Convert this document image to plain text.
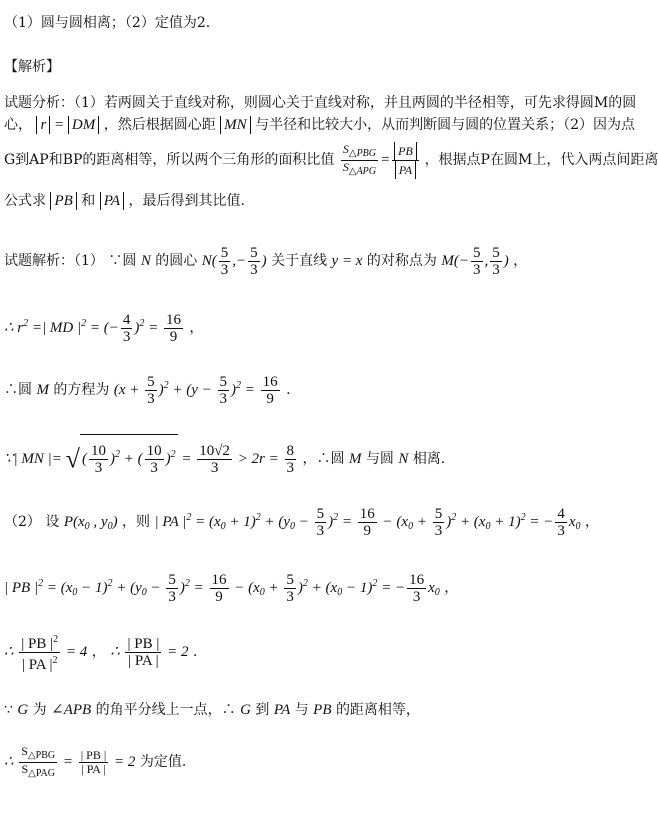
（1）圆与圆相离；（2）定值为2.
【解析】
试题分析：（1）若两圆关于直线对称，则圆心关于直线对称，并且两圆的半径相等，可先求得圆M的圆
心， r = DM ，然后根据圆心距 MN 与半径和比较大小，从而判断圆与圆的位置关系；（2）因为点
G到AP和BP的距离相等，所以两个三角形的面积比值 $\frac{S_{\triangle PBG}}{S_{\triangle APG}} = \frac{PB}{PA}$ ，根据点P在圆M上，代入两点间距离
公式求 PB 和 PA ，最后得到其比值.
试题解析：（1） ∵圆 N 的圆心 $N( \frac{5}{3}$ ,− $\frac{5}{3}$ ) 关于直线 y = x 的对称点为 $M(- \frac{5}{3}$ , $\frac{5}{3}$ ) ，
∴ $r^2$ =| MD $|^2$ = (− $\frac{4}{3} )^2 = \frac{16}{9}$ ，
∴圆 M 的方程为 $(x + \frac{5}{3} )^2 + (y - \frac{5}{3} )^2 = \frac{16}{9}$ .
∵| MN |= √ ( $\frac{10}{3} )^2$ + ( $\frac{10}{3} )^2 = \frac{10√2}{3} > 2r = \frac{8}{3}$ ，∴圆 M 与圆 N 相离.
（2） 设 $P(x_0$ , $y_0$) ，则 | PA $|^2 = (x_0 + 1)^2 + (y_0 - \frac{5}{3} )^2 = \frac{16}{9} - (x_0 + \frac{5}{3} )^2 + (x_0 + 1)^2$ = − $\frac{4}{3} x_0$ ，
| PB $|^2 = (x_0 - 1)^2 + (y_0 - \frac{5}{3} )^2 = \frac{16}{9} - (x_0 + \frac{5}{3} )^2 + (x_0 - 1)^2$ = − $\frac{16}{3} x_0$ ，
∴ $\frac{| PB |^2}{| PA |^2} = 4$ ， ∴ $\frac{| PB |}{| PA |} = 2$ .
∵ G 为 ∠APB 的角平分线上一点，∴ G 到 PA 与 PB 的距离相等，
∴ $\frac{S_{\triangle PBG}}{S_{\triangle PAG}} = \frac{| PB |}{| PA |} = 2$ 为定值.
